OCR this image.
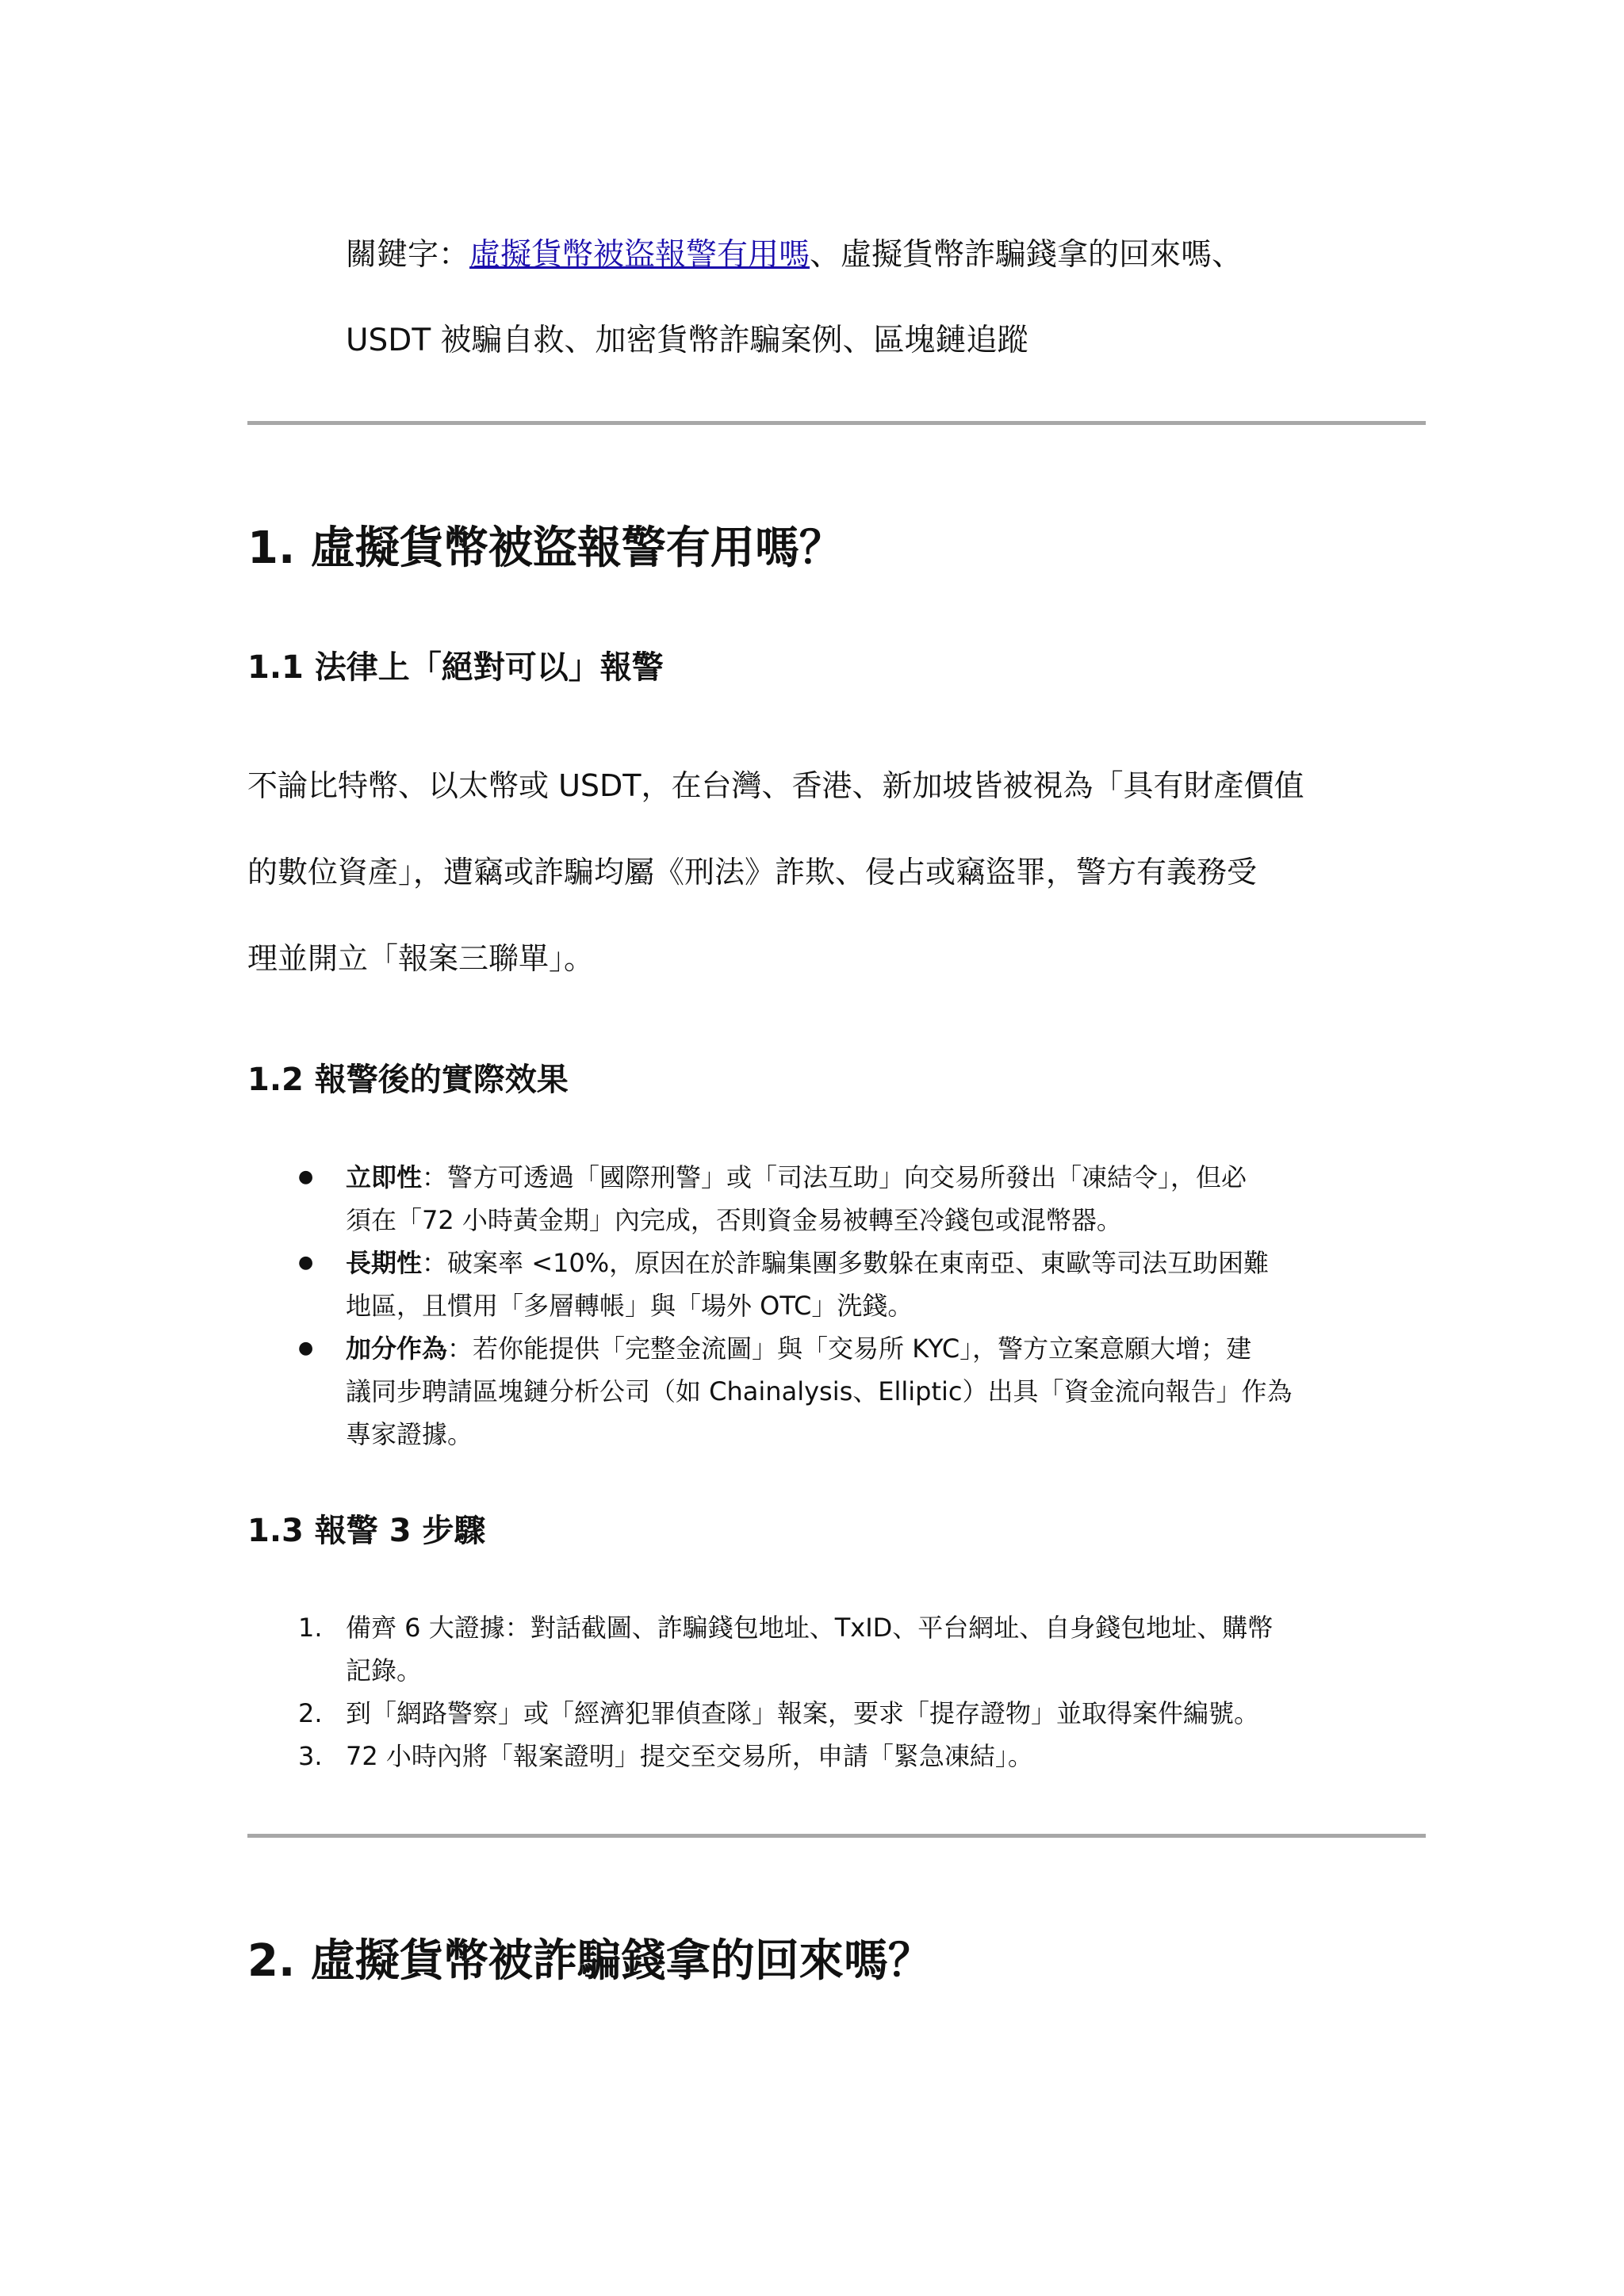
關鍵字：虛擬貨幣被盜報警有用嗎、虛擬貨幣詐騙錢拿的回來嗎、

USDT 被騙自救、加密貨幣詐騙案例、區塊鏈追蹤

1. 虛擬貨幣被盜報警有用嗎？
1.1 法律上「絕對可以」報警
不論比特幣、以太幣或 USDT，在台灣、香港、新加坡皆被視為「具有財產價值
的數位資產」，遭竊或詐騙均屬《刑法》詐欺、侵占或竊盜罪，警方有義務受
理並開立「報案三聯單」。
1.2 報警後的實際效果
●	立即性：警方可透過「國際刑警」或「司法互助」向交易所發出「凍結令」，但必
須在「72 小時黃金期」內完成，否則資金易被轉至冷錢包或混幣器。
●	長期性：破案率 <10%，原因在於詐騙集團多數躲在東南亞、東歐等司法互助困難
地區，且慣用「多層轉帳」與「場外 OTC」洗錢。
●	加分作為：若你能提供「完整金流圖」與「交易所 KYC」，警方立案意願大增；建
議同步聘請區塊鏈分析公司（如 Chainalysis、Elliptic）出具「資金流向報告」作為
專家證據。
1.3 報警 3 步驟
1. 備齊 6 大證據：對話截圖、詐騙錢包地址、TxID、平台網址、自身錢包地址、購幣
記錄。
2. 到「網路警察」或「經濟犯罪偵查隊」報案，要求「提存證物」並取得案件編號。
3. 72 小時內將「報案證明」提交至交易所，申請「緊急凍結」。
2. 虛擬貨幣被詐騙錢拿的回來嗎？
